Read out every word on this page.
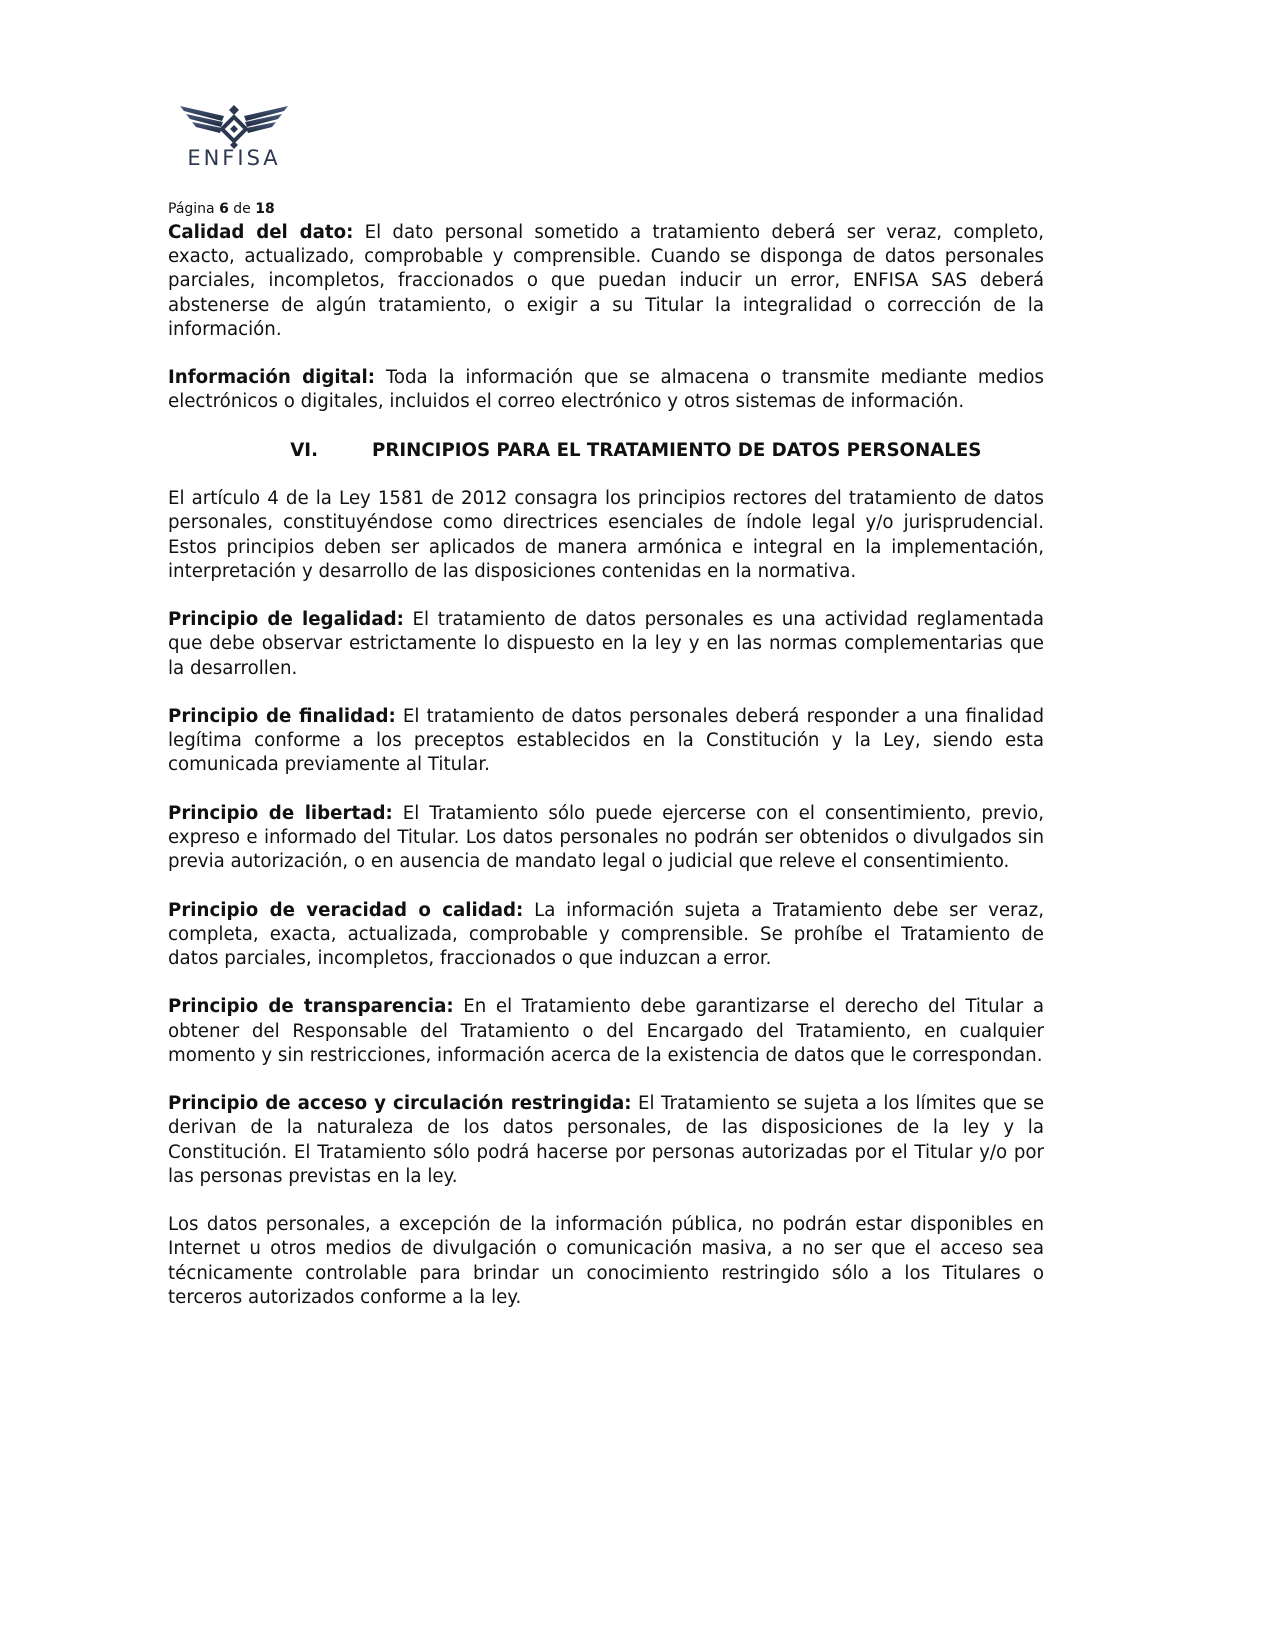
ENFISA
Página 6 de 18

Calidad del dato: El dato personal sometido a tratamiento deberá ser veraz, completo, exacto, actualizado, comprobable y comprensible. Cuando se disponga de datos personales parciales, incompletos, fraccionados o que puedan inducir un error, ENFISA SAS deberá abstenerse de algún tratamiento, o exigir a su Titular la integralidad o corrección de la información.

Información digital: Toda la información que se almacena o transmite mediante medios electrónicos o digitales, incluidos el correo electrónico y otros sistemas de información.

VI.	PRINCIPIOS PARA EL TRATAMIENTO DE DATOS PERSONALES

El artículo 4 de la Ley 1581 de 2012 consagra los principios rectores del tratamiento de datos personales, constituyéndose como directrices esenciales de índole legal y/o jurisprudencial. Estos principios deben ser aplicados de manera armónica e integral en la implementación, interpretación y desarrollo de las disposiciones contenidas en la normativa.

Principio de legalidad: El tratamiento de datos personales es una actividad reglamentada que debe observar estrictamente lo dispuesto en la ley y en las normas complementarias que la desarrollen.

Principio de finalidad: El tratamiento de datos personales deberá responder a una finalidad legítima conforme a los preceptos establecidos en la Constitución y la Ley, siendo esta comunicada previamente al Titular.

Principio de libertad: El Tratamiento sólo puede ejercerse con el consentimiento, previo, expreso e informado del Titular. Los datos personales no podrán ser obtenidos o divulgados sin previa autorización, o en ausencia de mandato legal o judicial que releve el consentimiento.

Principio de veracidad o calidad: La información sujeta a Tratamiento debe ser veraz, completa, exacta, actualizada, comprobable y comprensible. Se prohíbe el Tratamiento de datos parciales, incompletos, fraccionados o que induzcan a error.

Principio de transparencia: En el Tratamiento debe garantizarse el derecho del Titular a obtener del Responsable del Tratamiento o del Encargado del Tratamiento, en cualquier momento y sin restricciones, información acerca de la existencia de datos que le correspondan.

Principio de acceso y circulación restringida: El Tratamiento se sujeta a los límites que se derivan de la naturaleza de los datos personales, de las disposiciones de la ley y la Constitución. El Tratamiento sólo podrá hacerse por personas autorizadas por el Titular y/o por las personas previstas en la ley.

Los datos personales, a excepción de la información pública, no podrán estar disponibles en Internet u otros medios de divulgación o comunicación masiva, a no ser que el acceso sea técnicamente controlable para brindar un conocimiento restringido sólo a los Titulares o terceros autorizados conforme a la ley.
